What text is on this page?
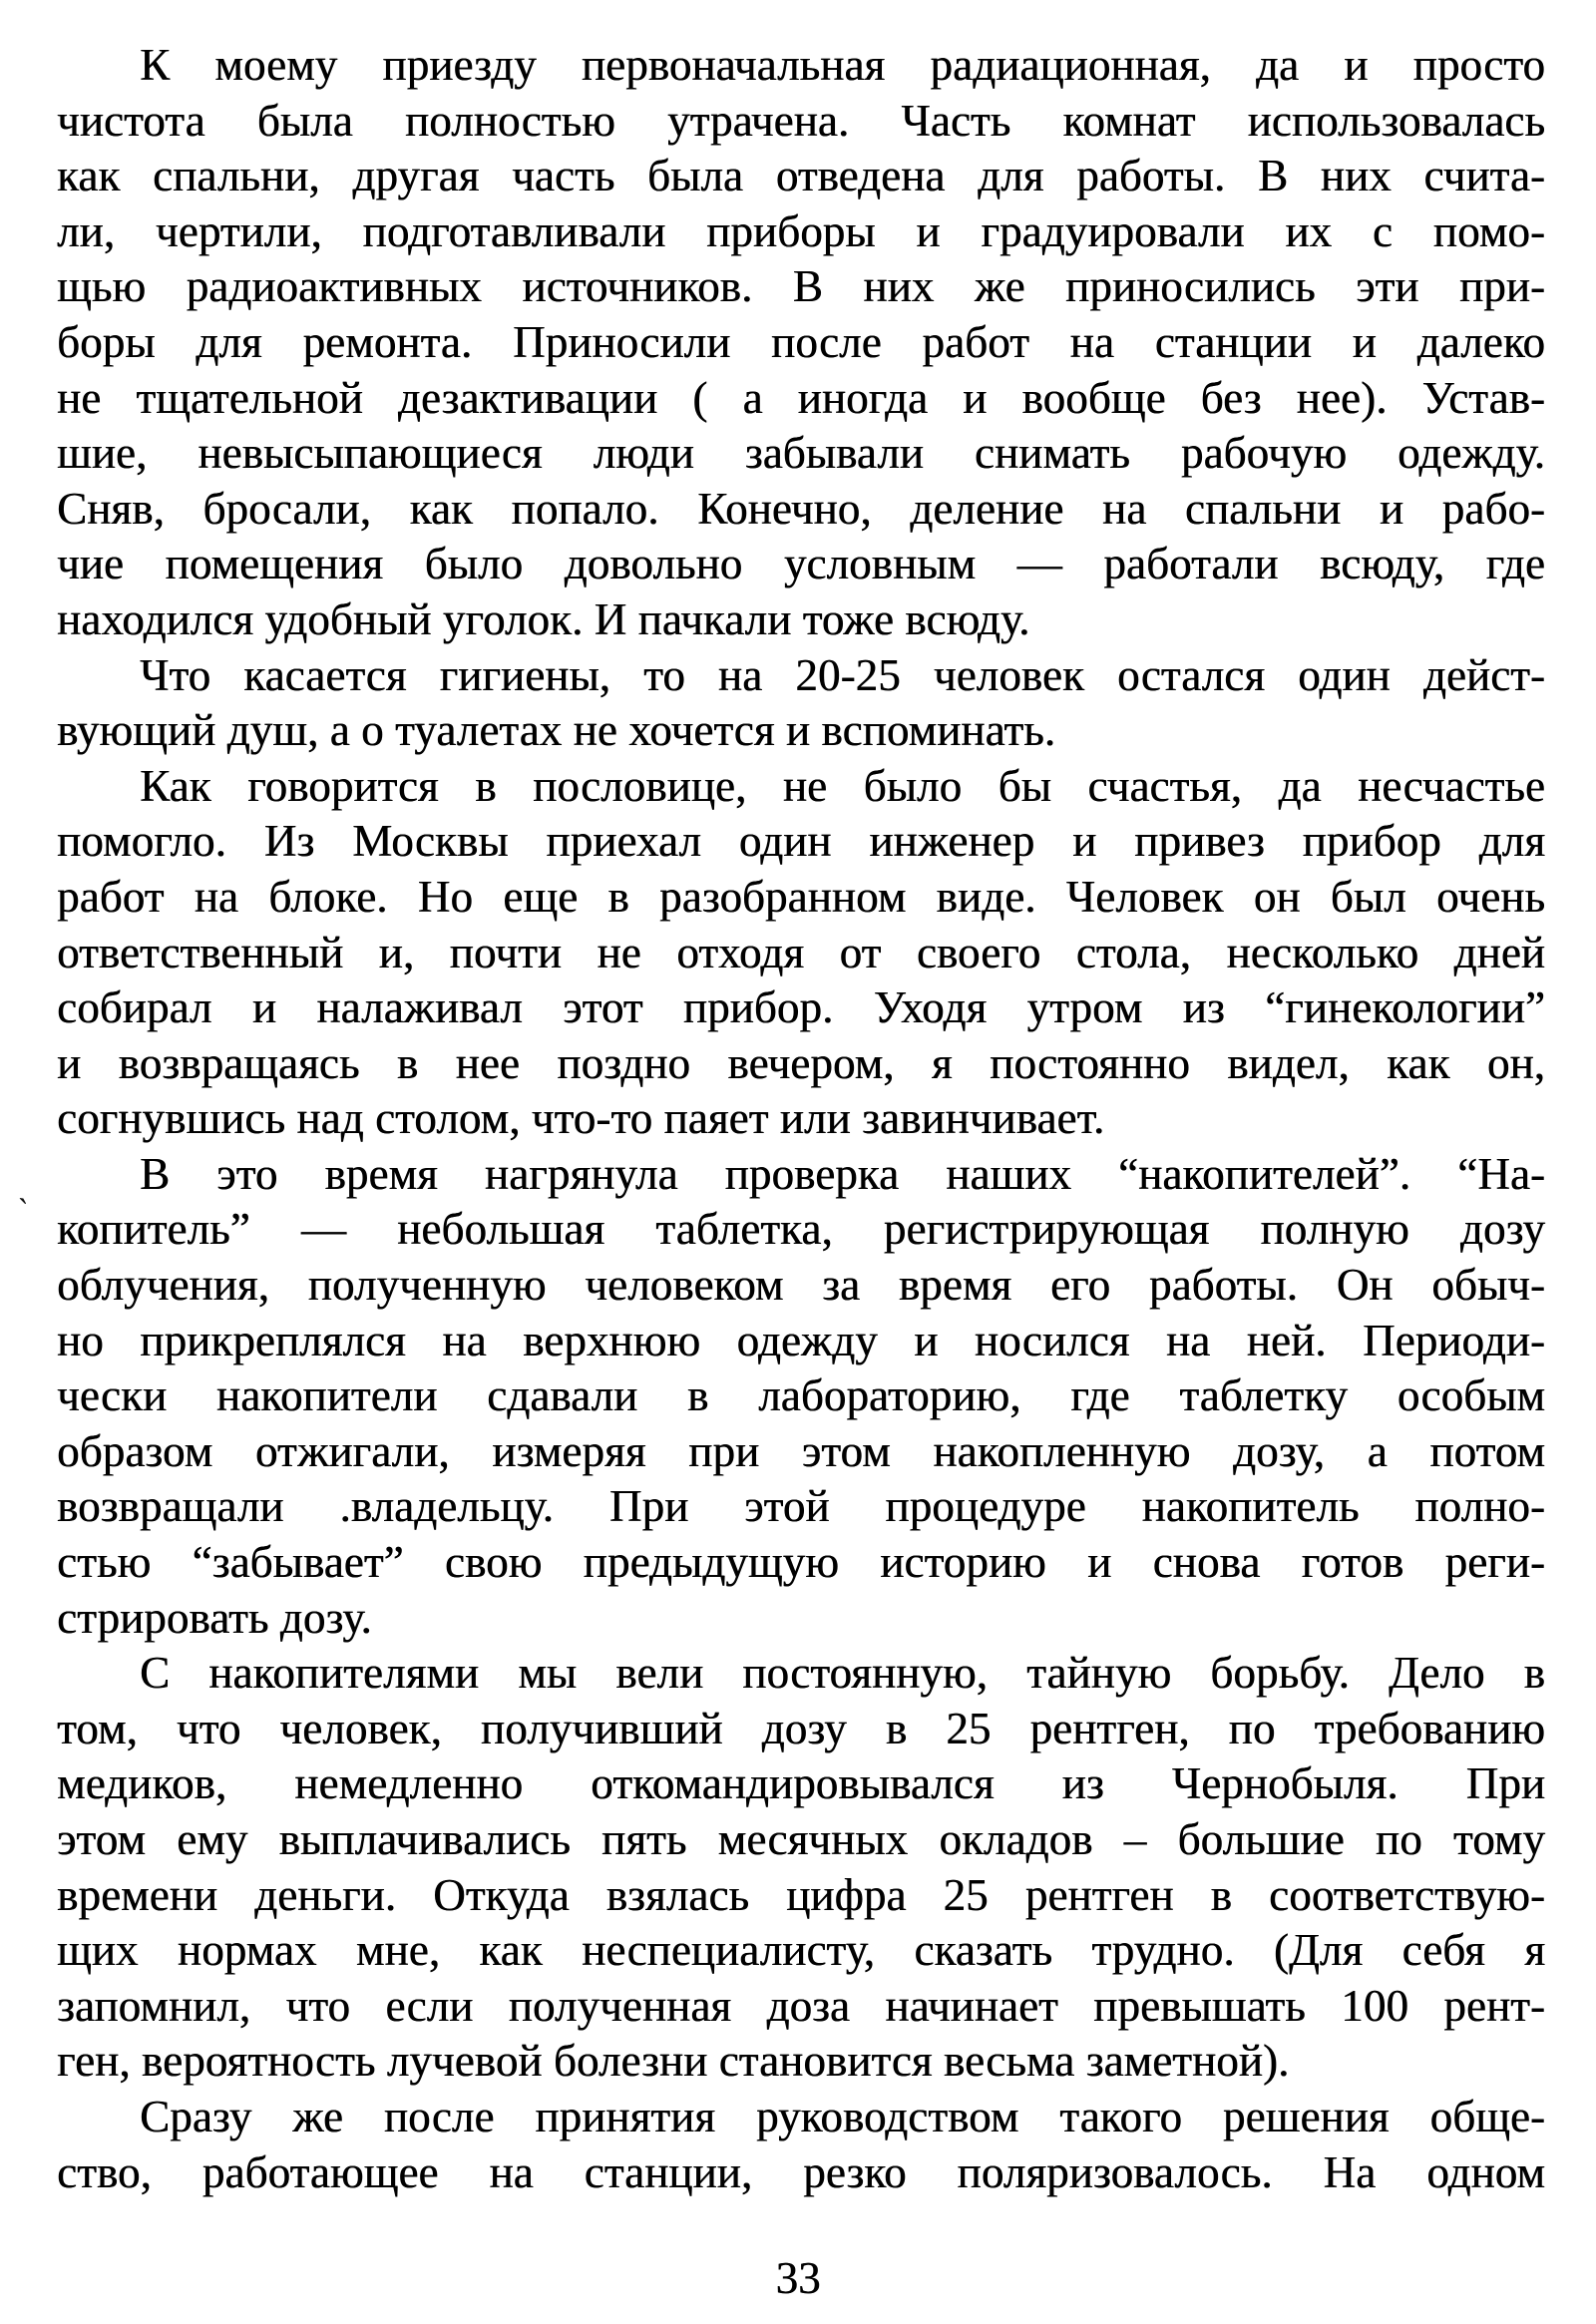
ˋ
К моему приезду первоначальная радиационная, да и просто
чистота была полностью утрачена. Часть комнат использовалась
как спальни, другая часть была отведена для работы. В них счита-
ли, чертили, подготавливали приборы и градуировали их с помо-
щью радиоактивных источников. В них же приносились эти при-
боры для ремонта. Приносили после работ на станции и далеко
не тщательной дезактивации ( а иногда и вообще без нее). Устав-
шие, невысыпающиеся люди забывали снимать рабочую одежду.
Сняв, бросали, как попало. Конечно, деление на спальни и рабо-
чие помещения было довольно условным — работали всюду, где
находился удобный уголок. И пачкали тоже всюду.
Что касается гигиены, то на 20-25 человек остался один дейст-
вующий душ, а о туалетах не хочется и вспоминать.
Как говорится в пословице, не было бы счастья, да несчастье
помогло. Из Москвы приехал один инженер и привез прибор для
работ на блоке. Но еще в разобранном виде. Человек он был очень
ответственный и, почти не отходя от своего стола, несколько дней
собирал и налаживал этот прибор. Уходя утром из “гинекологии”
и возвращаясь в нее поздно вечером, я постоянно видел, как он,
согнувшись над столом, что-то паяет или завинчивает.
В это время нагрянула проверка наших “накопителей”. “На-
копитель” — небольшая таблетка, регистрирующая полную дозу
облучения, полученную человеком за время его работы. Он обыч-
но прикреплялся на верхнюю одежду и носился на ней. Периоди-
чески накопители сдавали в лабораторию, где таблетку особым
образом отжигали, измеряя при этом накопленную дозу, а потом
возвращали .владельцу. При этой процедуре накопитель полно-
стью “забывает” свою предыдущую историю и снова готов реги-
стрировать дозу.
С накопителями мы вели постоянную, тайную борьбу. Дело в
том, что человек, получивший дозу в 25 рентген, по требованию
медиков, немедленно откомандировывался из Чернобыля. При
этом ему выплачивались пять месячных окладов – большие по тому
времени деньги. Откуда взялась цифра 25 рентген в соответствую-
щих нормах мне, как неспециалисту, сказать трудно. (Для себя я
запомнил, что если полученная доза начинает превышать 100 рент-
ген, вероятность лучевой болезни становится весьма заметной).
Сразу же после принятия руководством такого решения обще-
ство, работающее на станции, резко поляризовалось. На одном
33
